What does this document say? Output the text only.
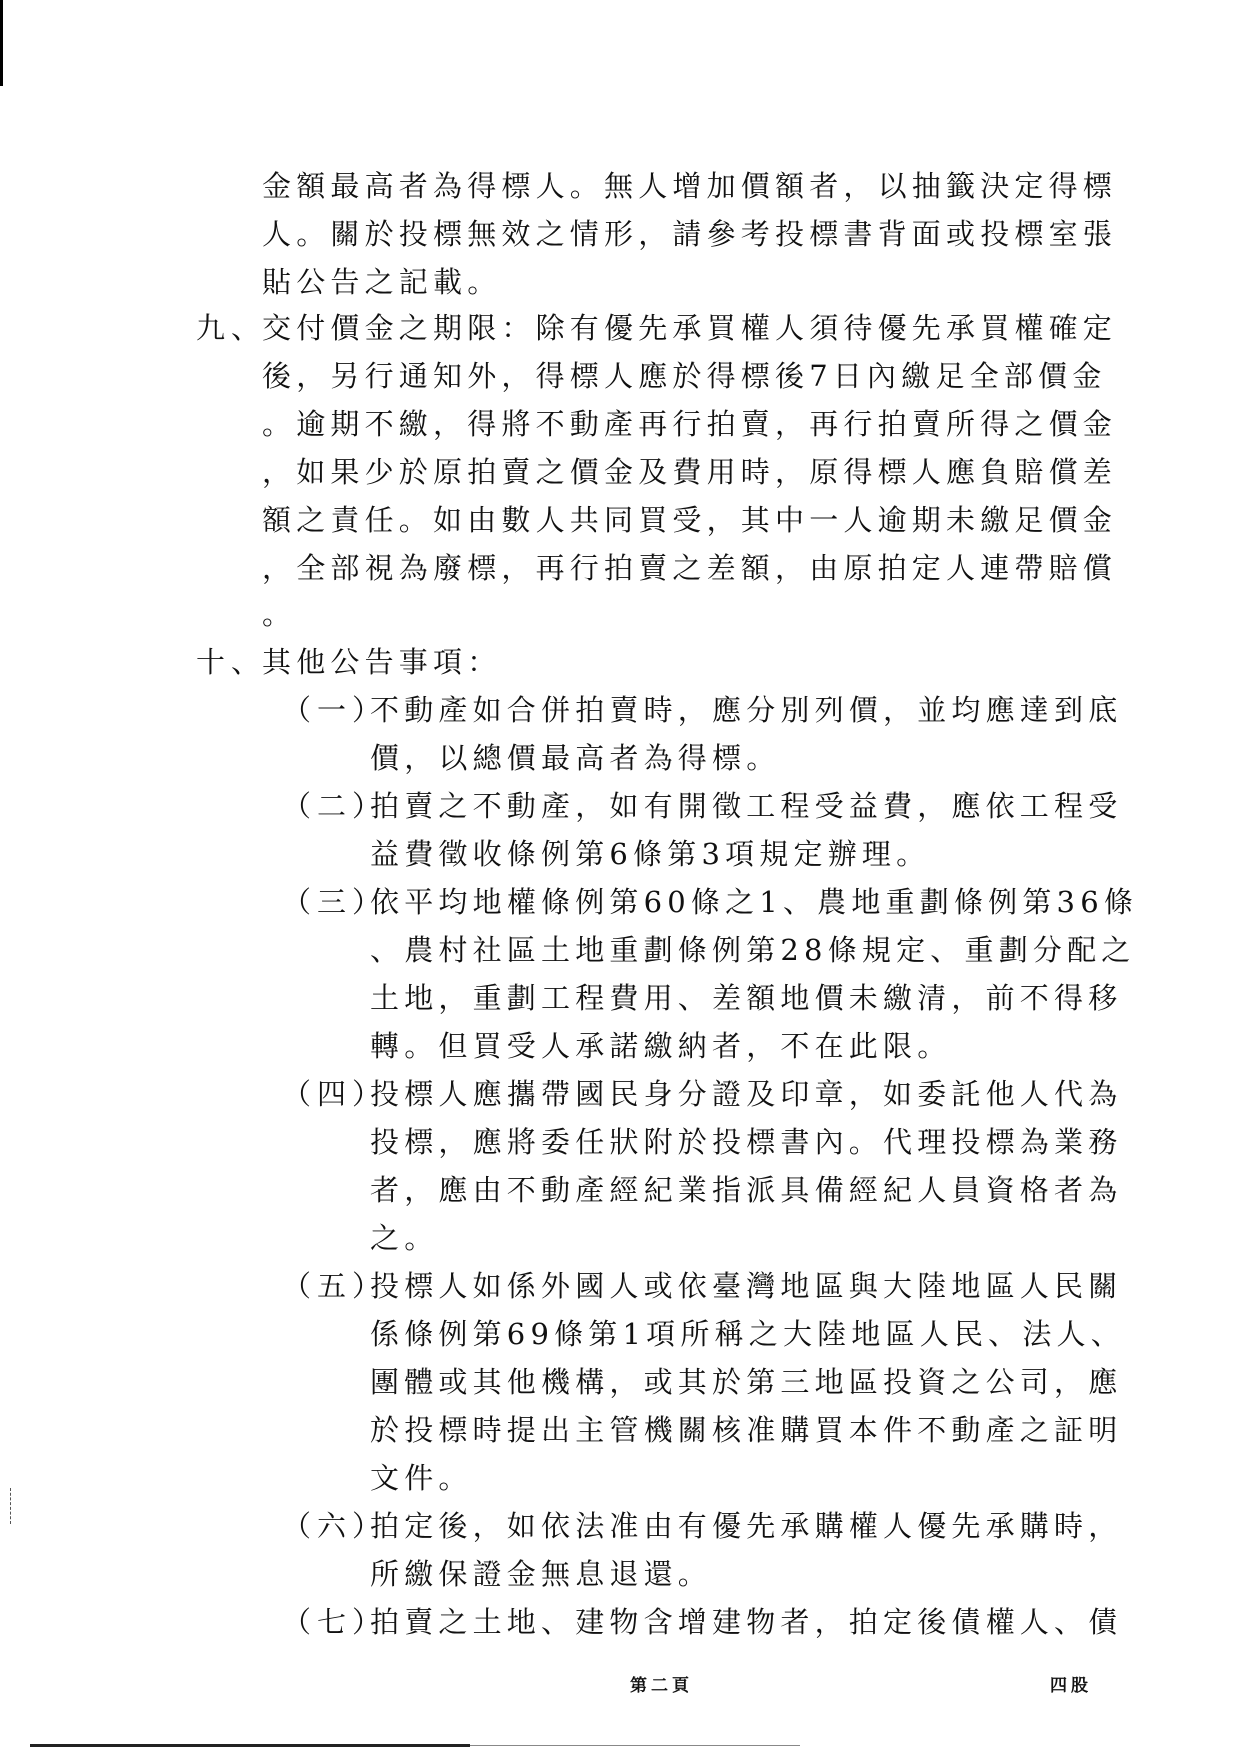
金額最高者為得標人。無人增加價額者，以抽籤決定得標
人。關於投標無效之情形，請參考投標書背面或投標室張
貼公告之記載。
九、
交付價金之期限：除有優先承買權人須待優先承買權確定
後，另行通知外，得標人應於得標後7日內繳足全部價金
。逾期不繳，得將不動產再行拍賣，再行拍賣所得之價金
，如果少於原拍賣之價金及費用時，原得標人應負賠償差
額之責任。如由數人共同買受，其中一人逾期未繳足價金
，全部視為廢標，再行拍賣之差額，由原拍定人連帶賠償
。
十、
其他公告事項：
（一）
不動產如合併拍賣時，應分別列價，並均應達到底
價，以總價最高者為得標。
（二）
拍賣之不動產，如有開徵工程受益費，應依工程受
益費徵收條例第6條第3項規定辦理。
（三）
依平均地權條例第60條之1、農地重劃條例第36條
、農村社區土地重劃條例第28條規定、重劃分配之
土地，重劃工程費用、差額地價未繳清，前不得移
轉。但買受人承諾繳納者，不在此限。
（四）
投標人應攜帶國民身分證及印章，如委託他人代為
投標，應將委任狀附於投標書內。代理投標為業務
者，應由不動產經紀業指派具備經紀人員資格者為
之。
（五）
投標人如係外國人或依臺灣地區與大陸地區人民關
係條例第69條第1項所稱之大陸地區人民、法人、
團體或其他機構，或其於第三地區投資之公司，應
於投標時提出主管機關核准購買本件不動產之証明
文件。
（六）
拍定後，如依法准由有優先承購權人優先承購時，
所繳保證金無息退還。
（七）
拍賣之土地、建物含增建物者，拍定後債權人、債
第二頁	四股
